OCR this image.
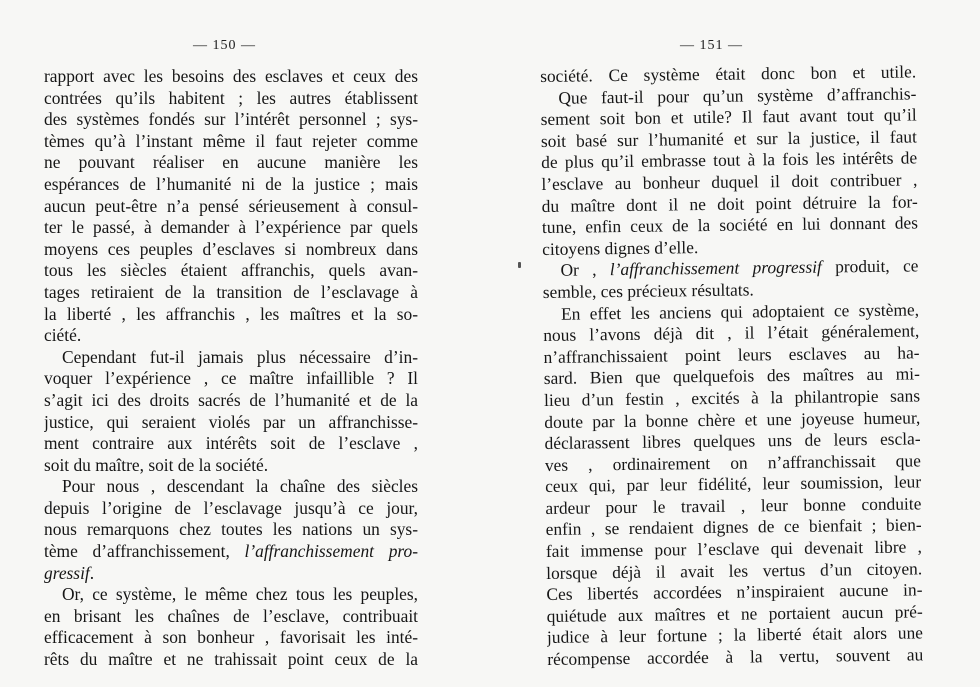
— 150 —
rapport avec les besoins des esclaves et ceux des
contrées qu’ils habitent ; les autres établissent
des systèmes fondés sur l’intérêt personnel ; sys-
tèmes qu’à l’instant même il faut rejeter comme
ne pouvant réaliser en aucune manière les
espérances de l’humanité ni de la justice ; mais
aucun peut-être n’a pensé sérieusement à consul-
ter le passé, à demander à l’expérience par quels
moyens ces peuples d’esclaves si nombreux dans
tous les siècles étaient affranchis, quels avan-
tages retiraient de la transition de l’esclavage à
la liberté , les affranchis , les maîtres et la so-
ciété.
Cependant fut-il jamais plus nécessaire d’in-
voquer l’expérience , ce maître infaillible ? Il
s’agit ici des droits sacrés de l’humanité et de la
justice, qui seraient violés par un affranchisse-
ment contraire aux intérêts soit de l’esclave ,
soit du maître, soit de la société.
Pour nous , descendant la chaîne des siècles
depuis l’origine de l’esclavage jusqu’à ce jour,
nous remarquons chez toutes les nations un sys-
tème d’affranchissement, l’affranchissement pro-
gressif.
Or, ce système, le même chez tous les peuples,
en brisant les chaînes de l’esclave, contribuait
efficacement à son bonheur , favorisait les inté-
rêts du maître et ne trahissait point ceux de la
— 151 —
société. Ce système était donc bon et utile.
Que faut-il pour qu’un système d’affranchis-
sement soit bon et utile? Il faut avant tout qu’il
soit basé sur l’humanité et sur la justice, il faut
de plus qu’il embrasse tout à la fois les intérêts de
l’esclave au bonheur duquel il doit contribuer ,
du maître dont il ne doit point détruire la for-
tune, enfin ceux de la société en lui donnant des
citoyens dignes d’elle.
Or , l’affranchissement progressif produit, ce
semble, ces précieux résultats.
En effet les anciens qui adoptaient ce système,
nous l’avons déjà dit , il l’était généralement,
n’affranchissaient point leurs esclaves au ha-
sard. Bien que quelquefois des maîtres au mi-
lieu d’un festin , excités à la philantropie sans
doute par la bonne chère et une joyeuse humeur,
déclarassent libres quelques uns de leurs escla-
ves , ordinairement on n’affranchissait que
ceux qui, par leur fidélité, leur soumission, leur
ardeur pour le travail , leur bonne conduite
enfin , se rendaient dignes de ce bienfait ; bien-
fait immense pour l’esclave qui devenait libre ,
lorsque déjà il avait les vertus d’un citoyen.
Ces libertés accordées n’inspiraient aucune in-
quiétude aux maîtres et ne portaient aucun pré-
judice à leur fortune ; la liberté était alors une
récompense accordée à la vertu, souvent au
